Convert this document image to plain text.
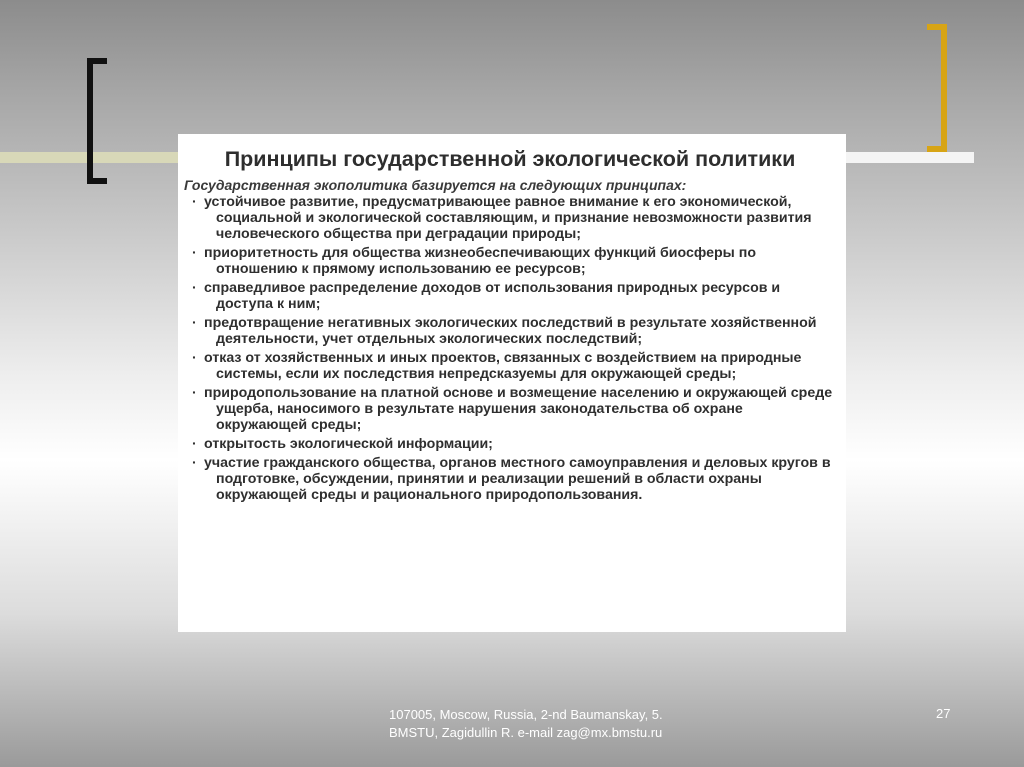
Принципы государственной экологической политики
Государственная экополитика базируется на следующих принципах:
· устойчивое развитие, предусматривающее равное внимание к его экономической, социальной и экологической составляющим, и признание невозможности развития человеческого общества при деградации природы;
· приоритетность для общества жизнеобеспечивающих функций биосферы по отношению к прямому использованию ее ресурсов;
· справедливое распределение доходов от использования природных ресурсов и доступа к ним;
· предотвращение негативных экологических последствий в результате хозяйственной деятельности, учет отдельных экологических последствий;
· отказ от хозяйственных и иных проектов, связанных с воздействием на природные системы, если их последствия непредсказуемы для окружающей среды;
· природопользование на платной основе и возмещение населению и окружающей среде ущерба, наносимого в результате нарушения законодательства об охране окружающей среды;
· открытость экологической информации;
· участие гражданского общества, органов местного самоуправления и деловых кругов в подготовке, обсуждении, принятии и реализации решений в области охраны окружающей среды и рационального природопользования.
107005, Moscow, Russia, 2-nd Baumanskay, 5.
BMSTU, Zagidullin R. e-mail zag@mx.bmstu.ru
27
